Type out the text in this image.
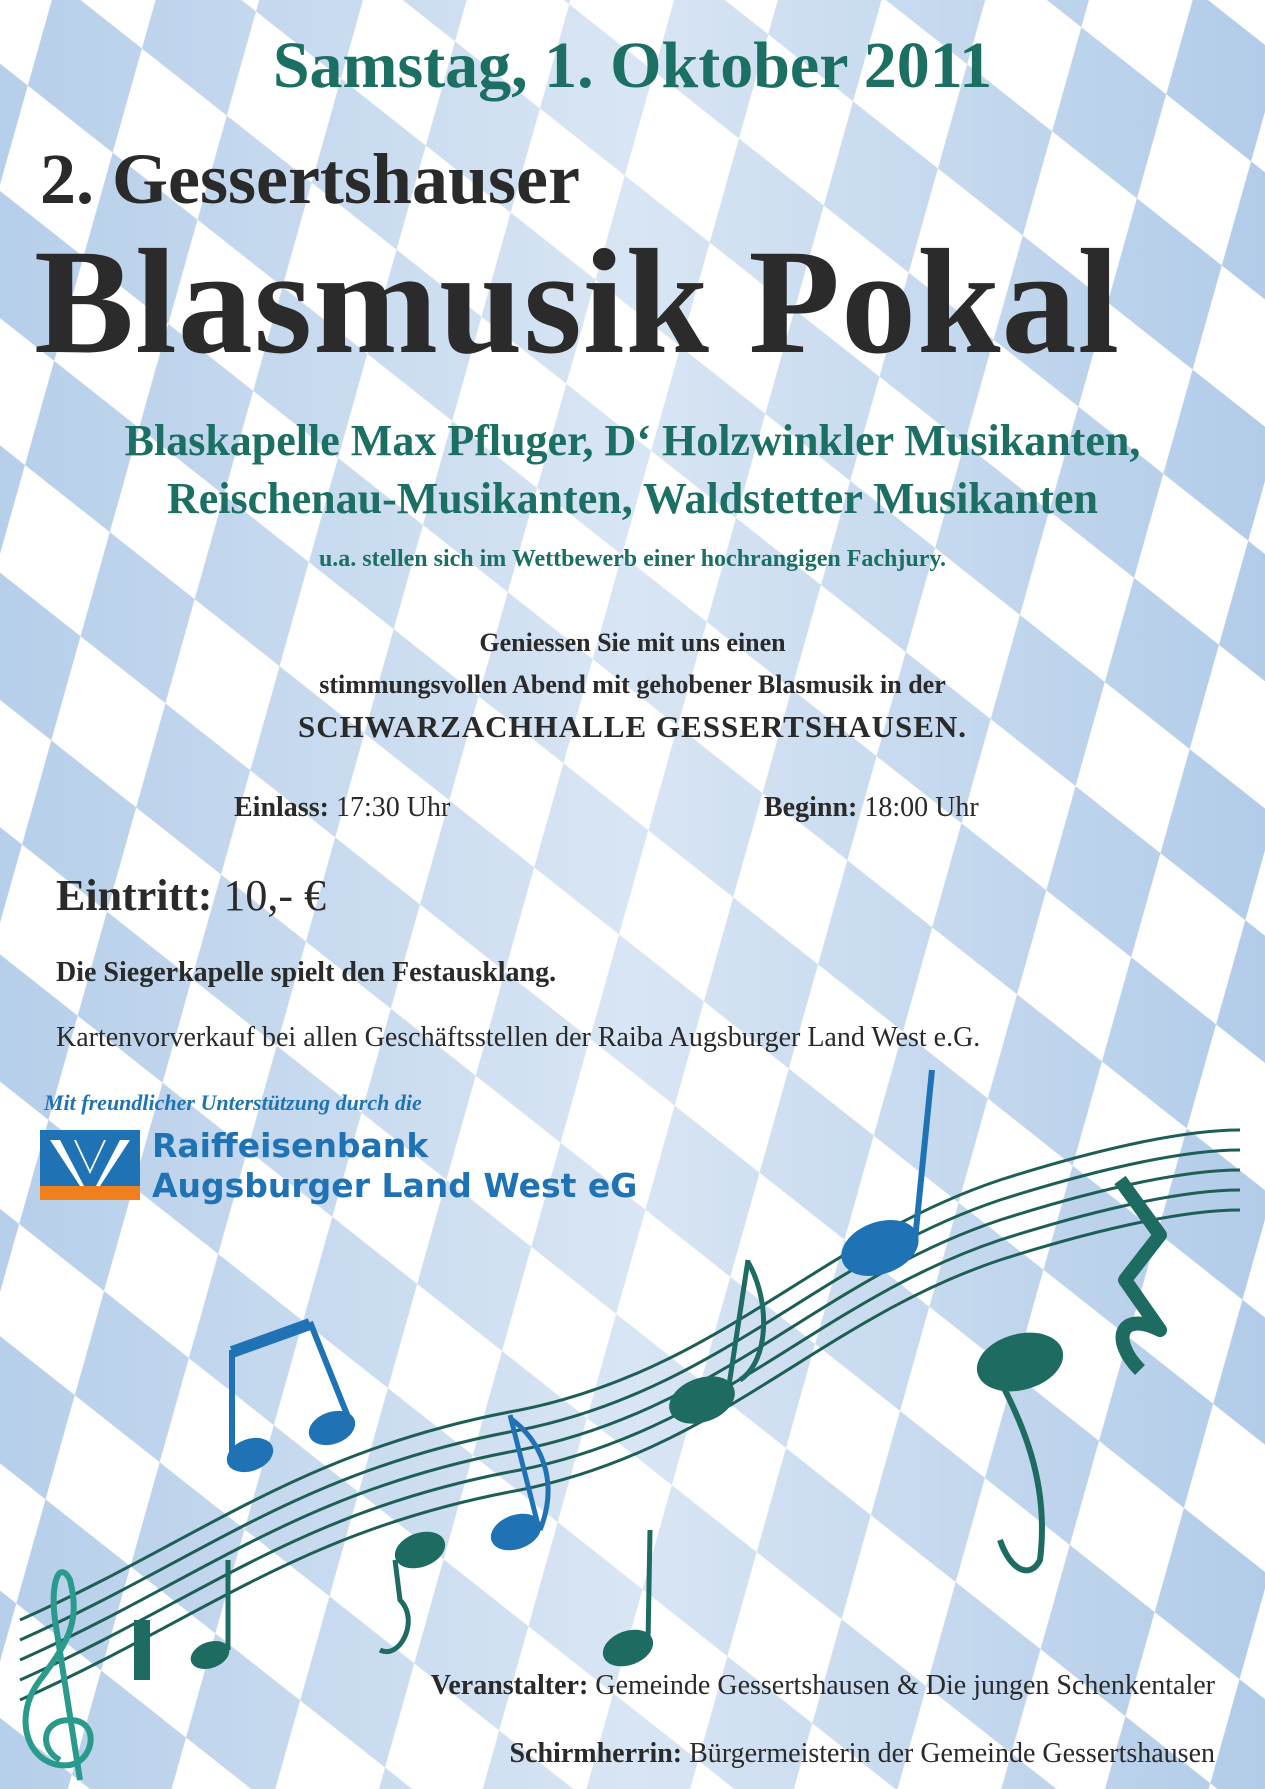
Samstag, 1. Oktober 2011
2. Gessertshauser
Blasmusik Pokal
Blaskapelle Max Pfluger, D‘ Holzwinkler Musikanten,
Reischenau-Musikanten, Waldstetter Musikanten
u.a. stellen sich im Wettbewerb einer hochrangigen Fachjury.
Geniessen Sie mit uns einen
stimmungsvollen Abend mit gehobener Blasmusik in der
SCHWARZACHHALLE GESSERTSHAUSEN.
Einlass: 17:30 Uhr	Beginn: 18:00 Uhr
Eintritt: 10,- €
Die Siegerkapelle spielt den Festausklang.
Kartenvorverkauf bei allen Geschäftsstellen der Raiba Augsburger Land West e.G.
Mit freundlicher Unterstützung durch die
Raiffeisenbank
Augsburger Land West eG
Veranstalter: Gemeinde Gessertshausen & Die jungen Schenkentaler
Schirmherrin: Bürgermeisterin der Gemeinde Gessertshausen
